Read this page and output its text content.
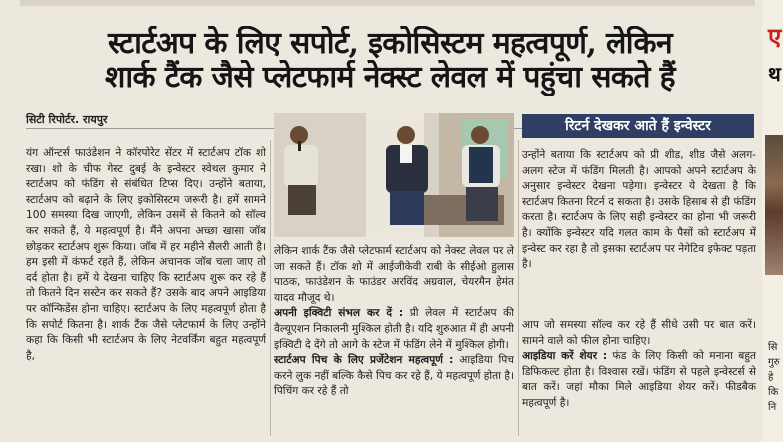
स्टार्टअप के लिए सपोर्ट, इकोसिस्टम महत्वपूर्ण, लेकिन
शार्क टैंक जैसे प्लेटफार्म नेक्स्ट लेवल में पहुंचा सकते हैं
सिटी रिपोर्टर. रायपुर

यंग ऑन्टर्स फाउंडेशन ने कॉरपोरेट सेंटर में स्टार्टअप टॉक शो रखा। शो के चीफ गेस्ट दुबई के इन्वेस्टर स्वेथल कुमार ने स्टार्टअप को फंडिंग से संबंधित टिप्स दिए। उन्होंने बताया, स्टार्टअप को बढ़ाने के लिए इकोसिस्टम जरूरी है। हमें सामने 100 समस्या दिख जाएगी, लेकिन उसमें से कितने को सॉल्व कर सकते हैं, ये महत्वपूर्ण है। मैंने अपना अच्छा खासा जॉब छोड़कर स्टार्टअप शुरू किया। जॉब में हर महीने सैलरी आती है। हम इसी में कंफर्ट रहते हैं, लेकिन अचानक जॉब चला जाए तो दर्द होता है। हमें ये देखना चाहिए कि स्टार्टअप शुरू कर रहे हैं तो कितने दिन सस्टेन कर सकते हैं? उसके बाद अपने आइडिया पर कॉन्फिडेंस होना चाहिए। स्टार्टअप के लिए महत्वपूर्ण होता है कि सपोर्ट कितना है। शार्क टैंक जैसे प्लेटफार्म के लिए उन्होंने कहा कि किसी भी स्टार्टअप के लिए नेटवर्किंग बहुत महत्वपूर्ण है,

लेकिन शार्क टैंक जैसे प्लेटफार्म स्टार्टअप को नेक्स्ट लेवल पर ले जा सकते हैं। टॉक शो में आईजीकेवी राबी के सीईओ हुलास पाठक, फाउंडेशन के फाउंडर अरविंद अग्रवाल, चेयरमैन हेमंत यादव मौजूद थे।

अपनी इक्विटी संभल कर दें : प्री लेवल में स्टार्टअप की वैल्यूएशन निकालनी मुश्किल होती है। यदि शुरुआत में ही अपनी इक्विटी दे देंगे तो आगे के स्टेज में फंडिंग लेने में मुश्किल होगी।

स्टार्टअप पिच के लिए प्रजेंटेशन महत्वपूर्ण : आइडिया पिच करने लुक नहीं बल्कि कैसे पिच कर रहे हैं, ये महत्वपूर्ण होता है। पिचिंग कर रहे हैं तो

रिटर्न देखकर आते हैं इन्वेस्टर

उन्होंने बताया कि स्टार्टअप को प्री शीड, शीड जैसे अलग-अलग स्टेज में फंडिंग मिलती है। आपको अपने स्टार्टअप के अनुसार इन्वेस्टर देखना पड़ेगा। इन्वेस्टर ये देखता है कि स्टार्टअप कितना रिटर्न द सकता है। उसके हिसाब से ही फंडिंग करता है। स्टार्टअप के लिए सही इन्वेस्टर का होना भी जरूरी है। क्योंकि इन्वेस्टर यदि गलत काम के पैसों को स्टार्टअप में इन्वेस्ट कर रहा है तो इसका स्टार्टअप पर नेगेटिव इफेक्ट पड़ता है।

आप जो समस्या सॉल्व कर रहे हैं सीधे उसी पर बात करें। सामने वाले को फील होना चाहिए।

आइडिया करें शेयर : फंड के लिए किसी को मनाना बहुत डिफिकल्ट होता है। विश्वास रखें। फंडिंग से पहले इन्वेस्टर्स से बात करें। जहां मौका मिले आइडिया शेयर करें। फीडबैक महत्वपूर्ण है।

ए
थ
सि
गुरु
हे
कि
नि
